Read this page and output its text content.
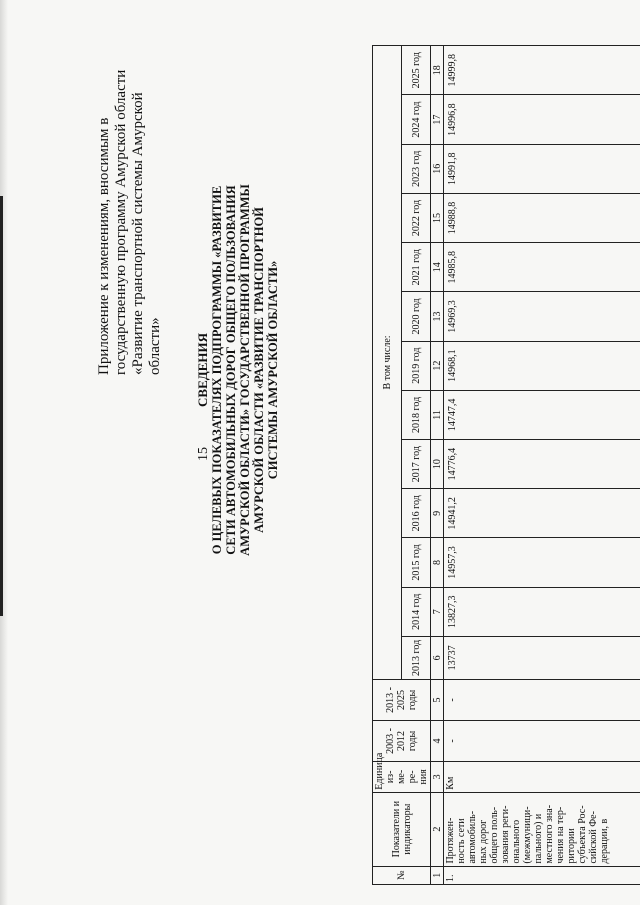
15
Приложение к изменениям, вносимым в государственную программу Амурской области «Развитие транспортной системы Амурской области» СВЕДЕНИЯ О ЦЕЛЕВЫХ ПОКАЗАТЕЛЯХ ПОДПРОГРАММЫ «РАЗВИТИЕ СЕТИ АВТОМОБИЛЬНЫХ ДОРОГ ОБЩЕГО ПОЛЬЗОВАНИЯ АМУРСКОЙ ОБЛАСТИ» ГОСУДАРСТВЕННОЙ ПРОГРАММЫ АМУРСКОЙ ОБЛАСТИ «РАЗВИТИЕ ТРАНСПОРТНОЙ СИСТЕМЫ АМУРСКОЙ ОБЛАСТИ»
№	Показатели и индикаторы	Единица из-ме-ре-ния	2003 - 2012 годы	2013 - 2025 годы	В том числе:												
					2013 год	2014 год	2015 год	2016 год	2017 год	2018 год	2019 год	2020 год	2021 год	2022 год	2023 год	2024 год	2025 год
1	2	3	4	5	6	7	8	9	10	11	12	13	14	15	16	17	18
1.	Протяжен-ность сети автомобиль-ных дорог общего поль-зования реги-онального (межмуници-пального) и местного зна-чения на тер-ритории субъекта Рос-сийской Фе-дерации, в	Км	-	-	13737	13827,3	14957,3	14941,2	14776,4	14747,4	14968,1	14969,3	14985,8	14988,8	14991,8	14996,8	14999,8
